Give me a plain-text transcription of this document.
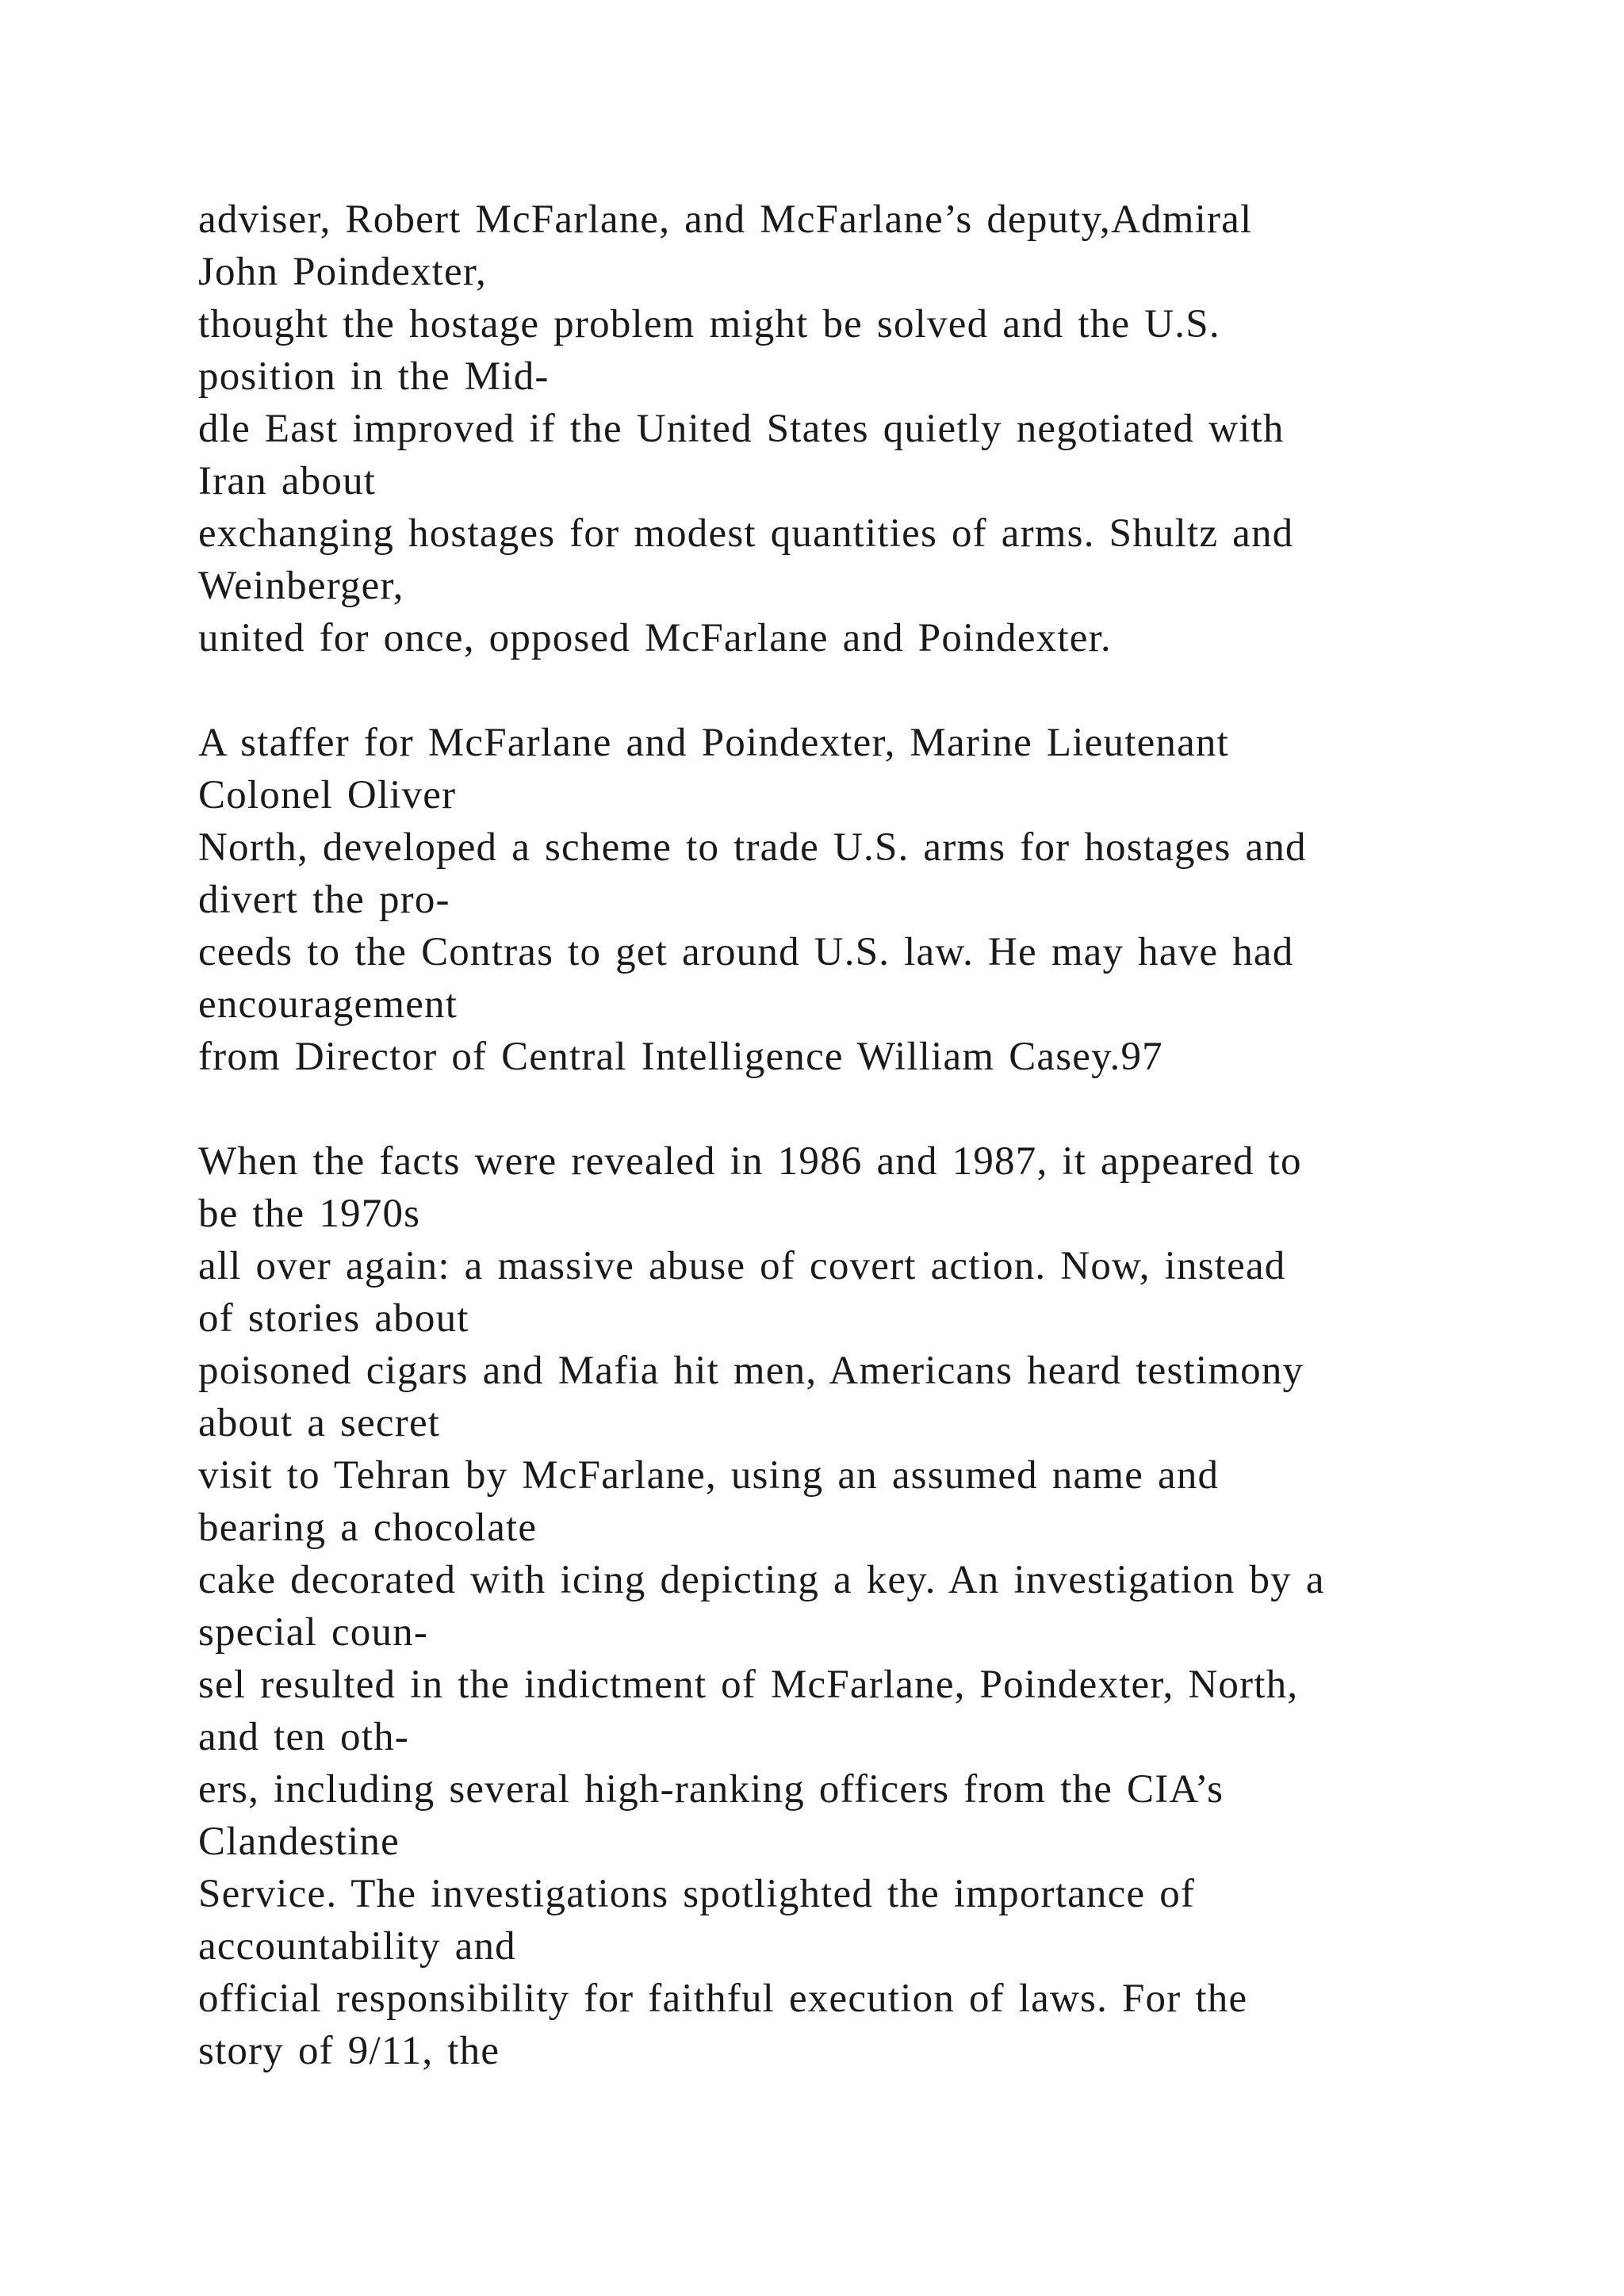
adviser, Robert McFarlane, and McFarlane’s deputy,Admiral
John Poindexter,
thought the hostage problem might be solved and the U.S.
position in the Mid-
dle East improved if the United States quietly negotiated with
Iran about
exchanging hostages for modest quantities of arms. Shultz and
Weinberger,
united for once, opposed McFarlane and Poindexter.

A staffer for McFarlane and Poindexter, Marine Lieutenant
Colonel Oliver
North, developed a scheme to trade U.S. arms for hostages and
divert the pro-
ceeds to the Contras to get around U.S. law. He may have had
encouragement
from Director of Central Intelligence William Casey.97

When the facts were revealed in 1986 and 1987, it appeared to
be the 1970s
all over again: a massive abuse of covert action. Now, instead
of stories about
poisoned cigars and Mafia hit men, Americans heard testimony
about a secret
visit to Tehran by McFarlane, using an assumed name and
bearing a chocolate
cake decorated with icing depicting a key. An investigation by a
special coun-
sel resulted in the indictment of McFarlane, Poindexter, North,
and ten oth-
ers, including several high-ranking officers from the CIA’s
Clandestine
Service. The investigations spotlighted the importance of
accountability and
official responsibility for faithful execution of laws. For the
story of 9/11, the
